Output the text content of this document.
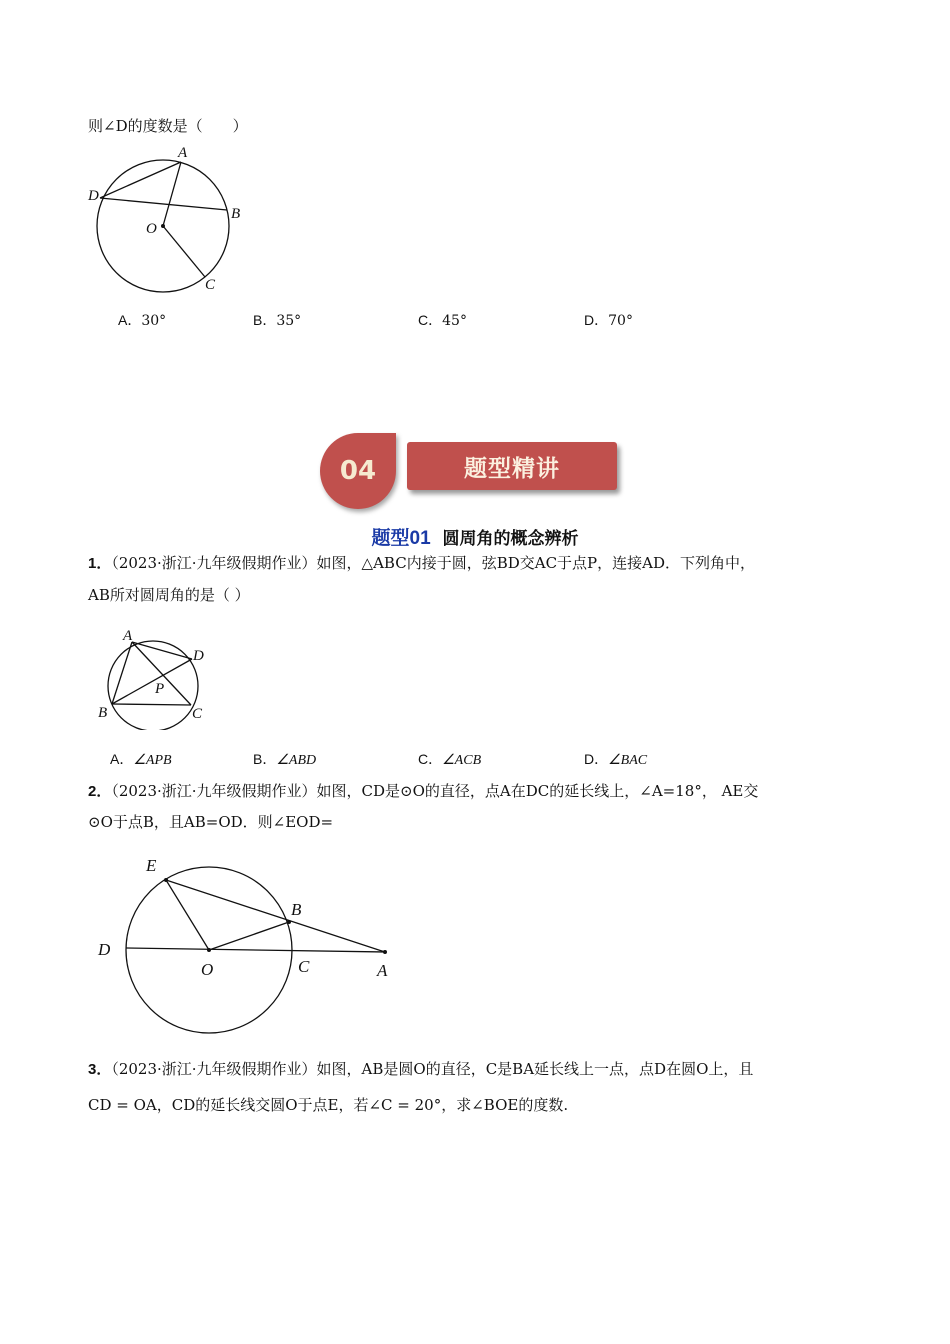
则∠D的度数是（　　）
A
D
B
O
C
A．30°	B．35°	C．45°	D．70°
04	题型精讲
题型01 圆周角的概念辨析
1．（2023·浙江·九年级假期作业）如图，△ABC内接于圆，弦BD交AC于点P，连接AD．下列角中，
AB所对圆周角的是（ ）
A
D
P
B	C
A．∠APB	B．∠ABD	C．∠ACB	D．∠BAC
2．（2023·浙江·九年级假期作业）如图，CD是⊙O的直径，点A在DC的延长线上，∠A=18°， AE交
⊙O于点B，且AB=OD．则∠EOD=
E
B
D
O	C	A
3．（2023·浙江·九年级假期作业）如图，AB是圆O的直径，C是BA延长线上一点，点D在圆O上，且
CD = OA，CD的延长线交圆O于点E，若∠C = 20°，求∠BOE的度数.
